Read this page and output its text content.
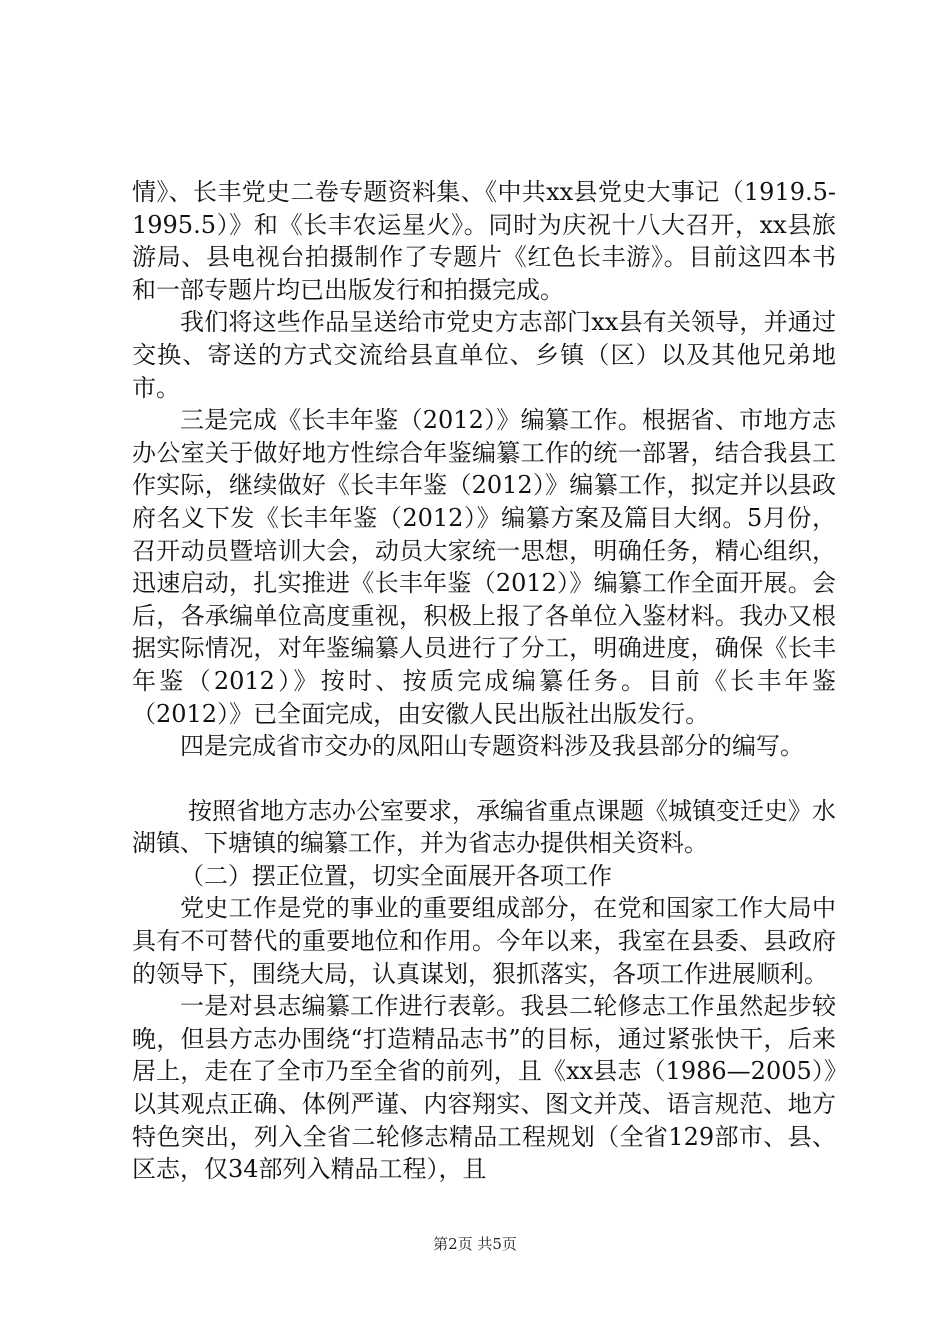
情》、长丰党史二卷专题资料集、《中共xx县党史大事记（1919.5-1995.5）》和《长丰农运星火》。同时为庆祝十八大召开，xx县旅游局、县电视台拍摄制作了专题片《红色长丰游》。目前这四本书和一部专题片均已出版发行和拍摄完成。

我们将这些作品呈送给市党史方志部门xx县有关领导，并通过交换、寄送的方式交流给县直单位、乡镇（区）以及其他兄弟地市。

三是完成《长丰年鉴（2012）》编纂工作。根据省、市地方志办公室关于做好地方性综合年鉴编纂工作的统一部署，结合我县工作实际，继续做好《长丰年鉴（2012）》编纂工作，拟定并以县政府名义下发《长丰年鉴（2012）》编纂方案及篇目大纲。5月份，召开动员暨培训大会，动员大家统一思想，明确任务，精心组织，迅速启动，扎实推进《长丰年鉴（2012）》编纂工作全面开展。会后，各承编单位高度重视，积极上报了各单位入鉴材料。我办又根据实际情况，对年鉴编纂人员进行了分工，明确进度，确保《长丰年鉴（2012）》按时、按质完成编纂任务。目前《长丰年鉴（2012）》已全面完成，由安徽人民出版社出版发行。

四是完成省市交办的凤阳山专题资料涉及我县部分的编写。

按照省地方志办公室要求，承编省重点课题《城镇变迁史》水湖镇、下塘镇的编纂工作，并为省志办提供相关资料。

（二）摆正位置，切实全面展开各项工作

党史工作是党的事业的重要组成部分，在党和国家工作大局中具有不可替代的重要地位和作用。今年以来，我室在县委、县政府的领导下，围绕大局，认真谋划，狠抓落实，各项工作进展顺利。

一是对县志编纂工作进行表彰。我县二轮修志工作虽然起步较晚，但县方志办围绕“打造精品志书”的目标，通过紧张快干，后来居上，走在了全市乃至全省的前列，且《xx县志（1986—2005）》以其观点正确、体例严谨、内容翔实、图文并茂、语言规范、地方特色突出，列入全省二轮修志精品工程规划（全省129部市、县、区志，仅34部列入精品工程），且

第2页 共5页
